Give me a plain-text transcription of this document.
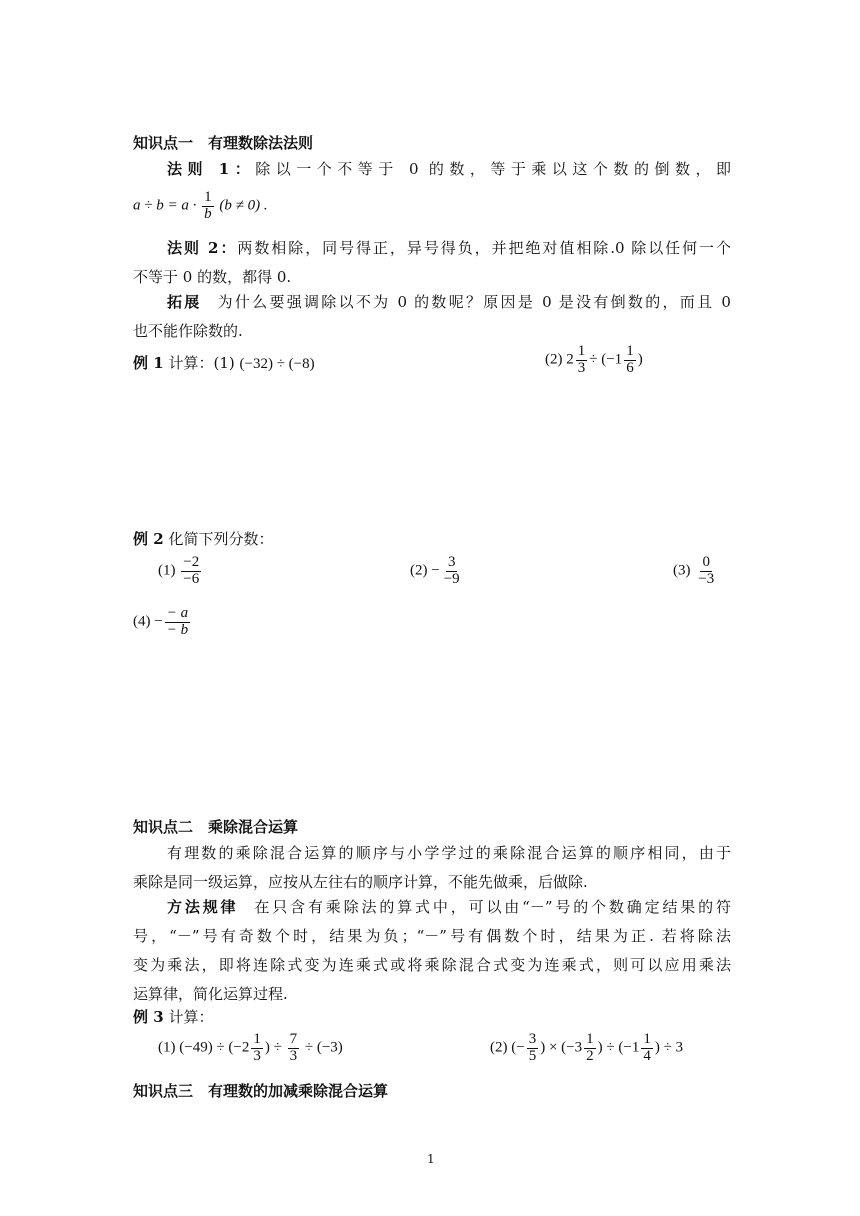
知识点一　有理数除法法则
法则 1：除以一个不等于 0 的数，等于乘以这个数的倒数，即
$a \div b = a \cdot \frac{1}{b} (b \ne 0)$ .
法则 2：两数相除，同号得正，异号得负，并把绝对值相除.0 除以任何一个
不等于 0 的数，都得 0.
拓展 为什么要强调除以不为 0 的数呢？原因是 0 是没有倒数的，而且 0
也不能作除数的.
例 1 计算：(1) (−32) ÷ (−8)	(2) $2 \frac{1}{3} \div (-1 \frac{1}{6}$ )
例 2 化简下列分数：
$(1) \frac{-2}{-6}$	$(2) - \frac{3}{-9}$	$(3) \frac{0}{-3}$
$(4) - \frac{- a}{- b}$
知识点二　乘除混合运算
有理数的乘除混合运算的顺序与小学学过的乘除混合运算的顺序相同，由于
乘除是同一级运算，应按从左往右的顺序计算，不能先做乘，后做除.
方法规律 在只含有乘除法的算式中，可以由“－”号的个数确定结果的符
号，“－”号有奇数个时，结果为负；“－”号有偶数个时，结果为正. 若将除法
变为乘法，即将连除式变为连乘式或将乘除混合式变为连乘式，则可以应用乘法
运算律，简化运算过程.
例 3 计算：
(1) $(-49) \div (-2 \frac{1}{3}$ ) ÷ $\frac{7}{3} \div (-3)$	(2) (− $\frac{3}{5}$ ) × ($-3 \frac{1}{2}$ ) ÷ ($-1 \frac{1}{4}$ ) ÷ 3
知识点三　有理数的加减乘除混合运算
1
